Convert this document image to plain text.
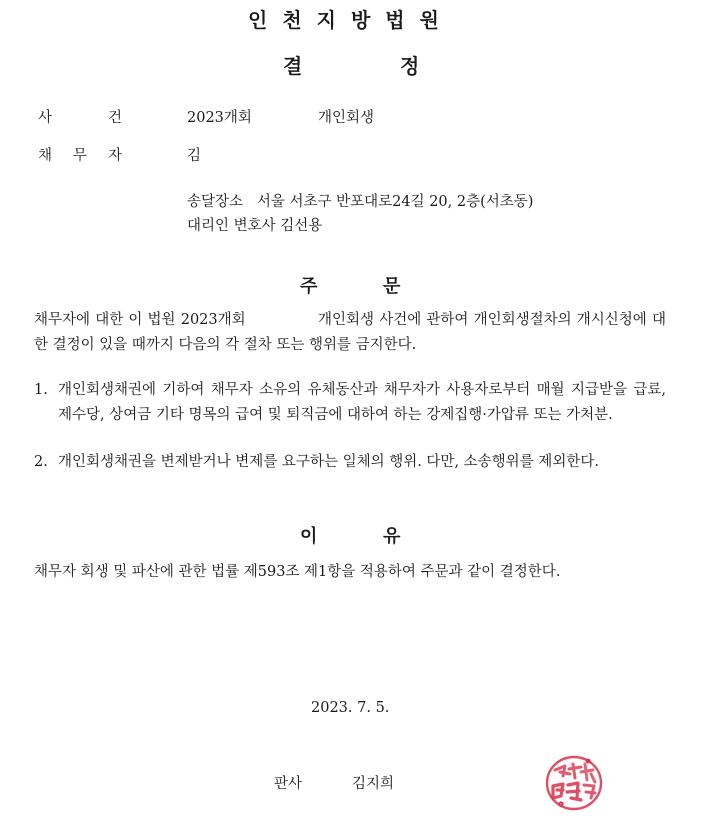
인천지방법원
결	정
사	건	2023개회	개인회생
채 무 자	김
송달장소   서울 서초구 반포대로24길 20, 2층(서초동)
대리인 변호사 김선용
주	문
채무자에 대한 이 법원 2023개회              개인회생 사건에 관하여 개인회생절차의 개시신청에 대한 결정이 있을 때까지 다음의 각 절차 또는 행위를 금지한다.
1. 개인회생채권에 기하여 채무자 소유의 유체동산과 채무자가 사용자로부터 매월 지급받을 급료, 제수당, 상여금 기타 명목의 급여 및 퇴직금에 대하여 하는 강제집행·가압류 또는 가처분.
2. 개인회생채권을 변제받거나 변제를 요구하는 일체의 행위. 다만, 소송행위를 제외한다.
이	유
채무자 회생 및 파산에 관한 법률 제593조 제1항을 적용하여 주문과 같이 결정한다.
2023. 7. 5.
판사	김지희
